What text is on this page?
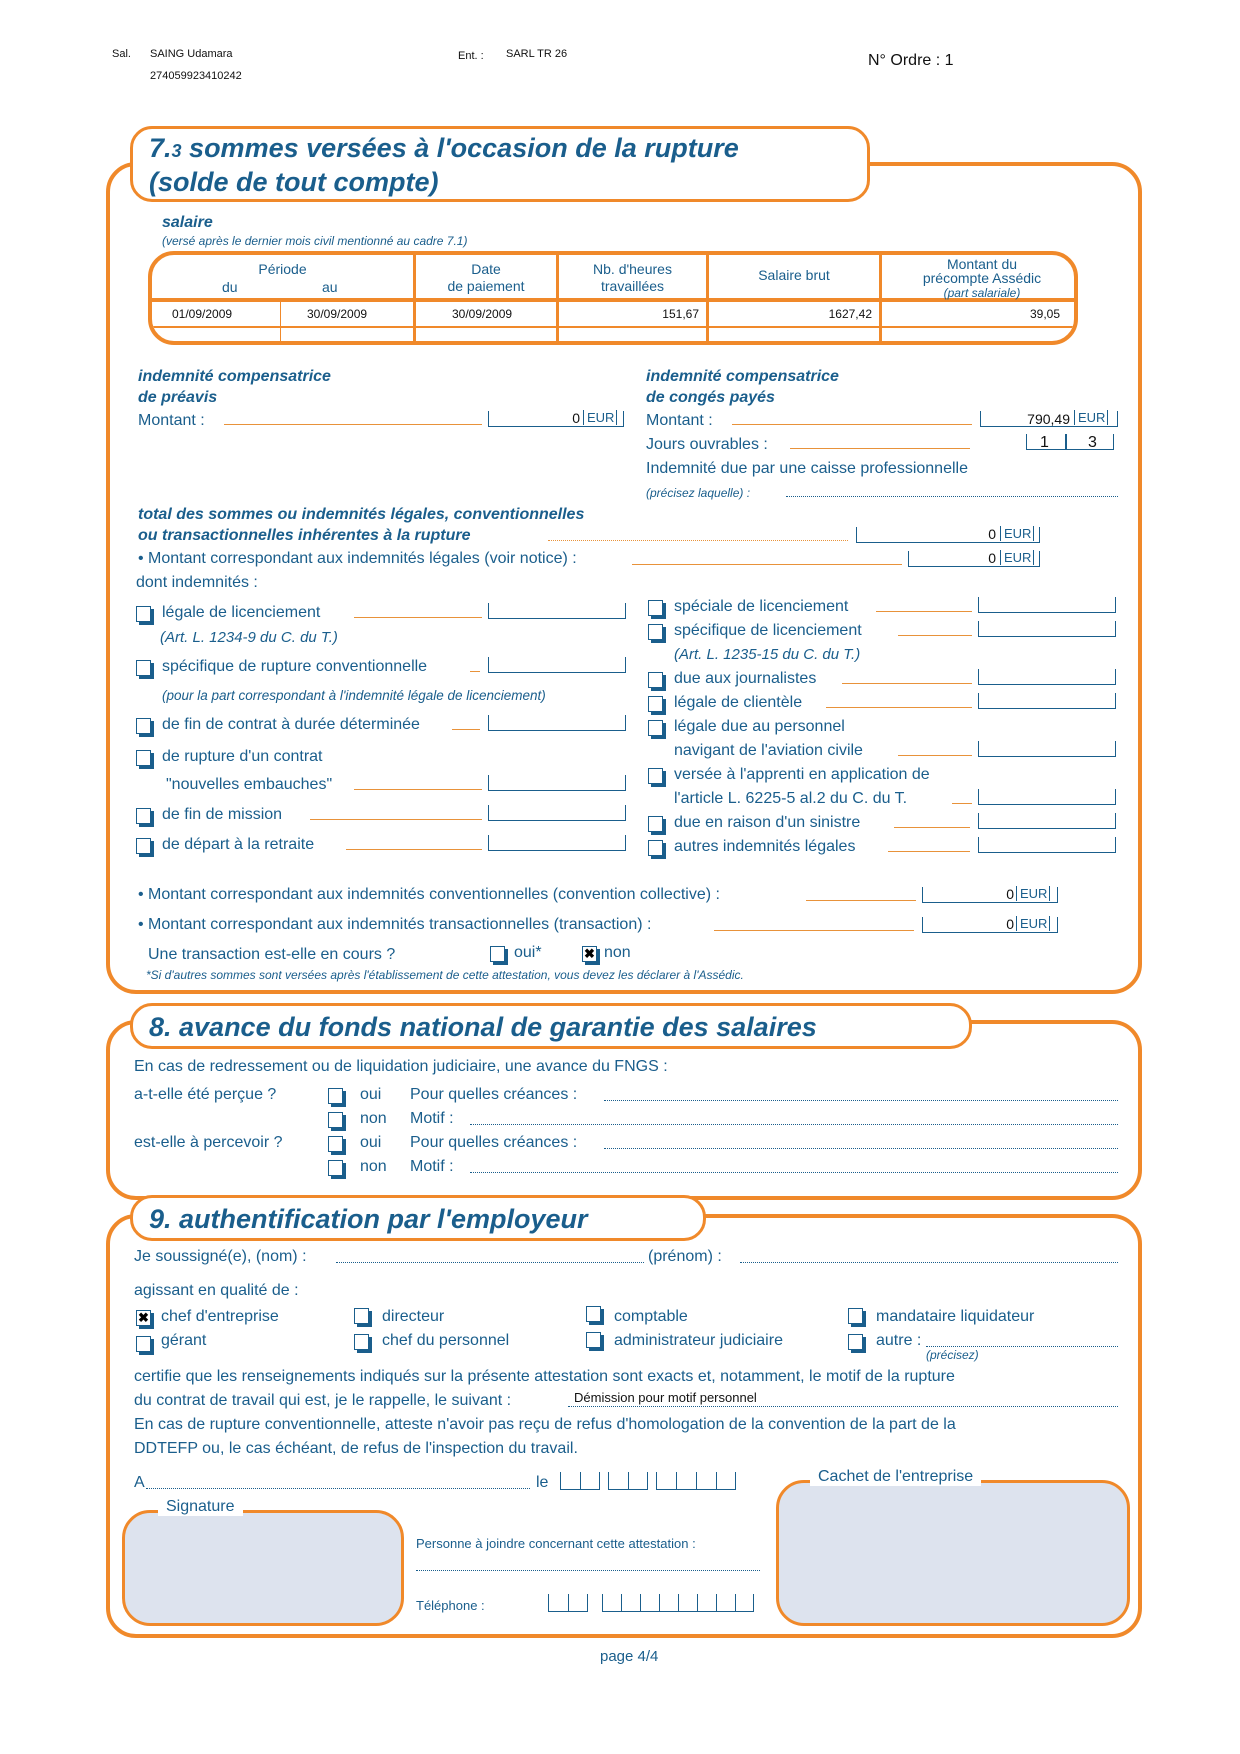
Sal. SAING Udamara
274059923410242
Ent. : SARL TR 26	N° Ordre : 1
7.3 sommes versées à l'occasion de la rupture
(solde de tout compte)
salaire
(versé après le dernier mois civil mentionné au cadre 7.1)
Période
du	au
Date
de paiement
Nb. d'heures
travaillées
Salaire brut
Montant du
précompte Assédic
(part salariale)
01/09/2009	30/09/2009	30/09/2009	151,67	1627,42	39,05
indemnité compensatrice
de préavis
Montant :	0 EUR
indemnité compensatrice
de congés payés
Montant :	790,49 EUR
Jours ouvrables :	1 3
Indemnité due par une caisse professionnelle
(précisez laquelle) :
total des sommes ou indemnités légales, conventionnelles
ou transactionnelles inhérentes à la rupture	0 EUR
• Montant correspondant aux indemnités légales (voir notice) :	0 EUR
dont indemnités :
légale de licenciement
(Art. L. 1234-9 du C. du T.)
spécifique de rupture conventionnelle
(pour la part correspondant à l'indemnité légale de licenciement)
de fin de contrat à durée déterminée
de rupture d'un contrat
"nouvelles embauches"
de fin de mission
de départ à la retraite
spéciale de licenciement
spécifique de licenciement
(Art. L. 1235-15 du C. du T.)
due aux journalistes
légale de clientèle
légale due au personnel
navigant de l'aviation civile
versée à l'apprenti en application de
l'article L. 6225-5 al.2 du C. du T.
due en raison d'un sinistre
autres indemnités légales
• Montant correspondant aux indemnités conventionnelles (convention collective) :	0 EUR
• Montant correspondant aux indemnités transactionnelles (transaction) :	0 EUR
Une transaction est-elle en cours ?	oui*	✖ non
*Si d'autres sommes sont versées après l'établissement de cette attestation, vous devez les déclarer à l'Assédic.
8. avance du fonds national de garantie des salaires
En cas de redressement ou de liquidation judiciaire, une avance du FNGS :
a-t-elle été perçue ?	oui Pour quelles créances :
non Motif :
est-elle à percevoir ?	oui Pour quelles créances :
non Motif :
9. authentification par l'employeur
Je soussigné(e), (nom) :	(prénom) :
agissant en qualité de :
✖ chef d'entreprise	directeur	comptable	mandataire liquidateur
gérant	chef du personnel	administrateur judiciaire	autre :
(précisez)
certifie que les renseignements indiqués sur la présente attestation sont exacts et, notamment, le motif de la rupture
du contrat de travail qui est, je le rappelle, le suivant :	Démission pour motif personnel
En cas de rupture conventionnelle, atteste n'avoir pas reçu de refus d'homologation de la convention de la part de la
DDTEFP ou, le cas échéant, de refus de l'inspection du travail.
A	le
Signature
Personne à joindre concernant cette attestation :
Téléphone :
Cachet de l'entreprise
page 4/4
